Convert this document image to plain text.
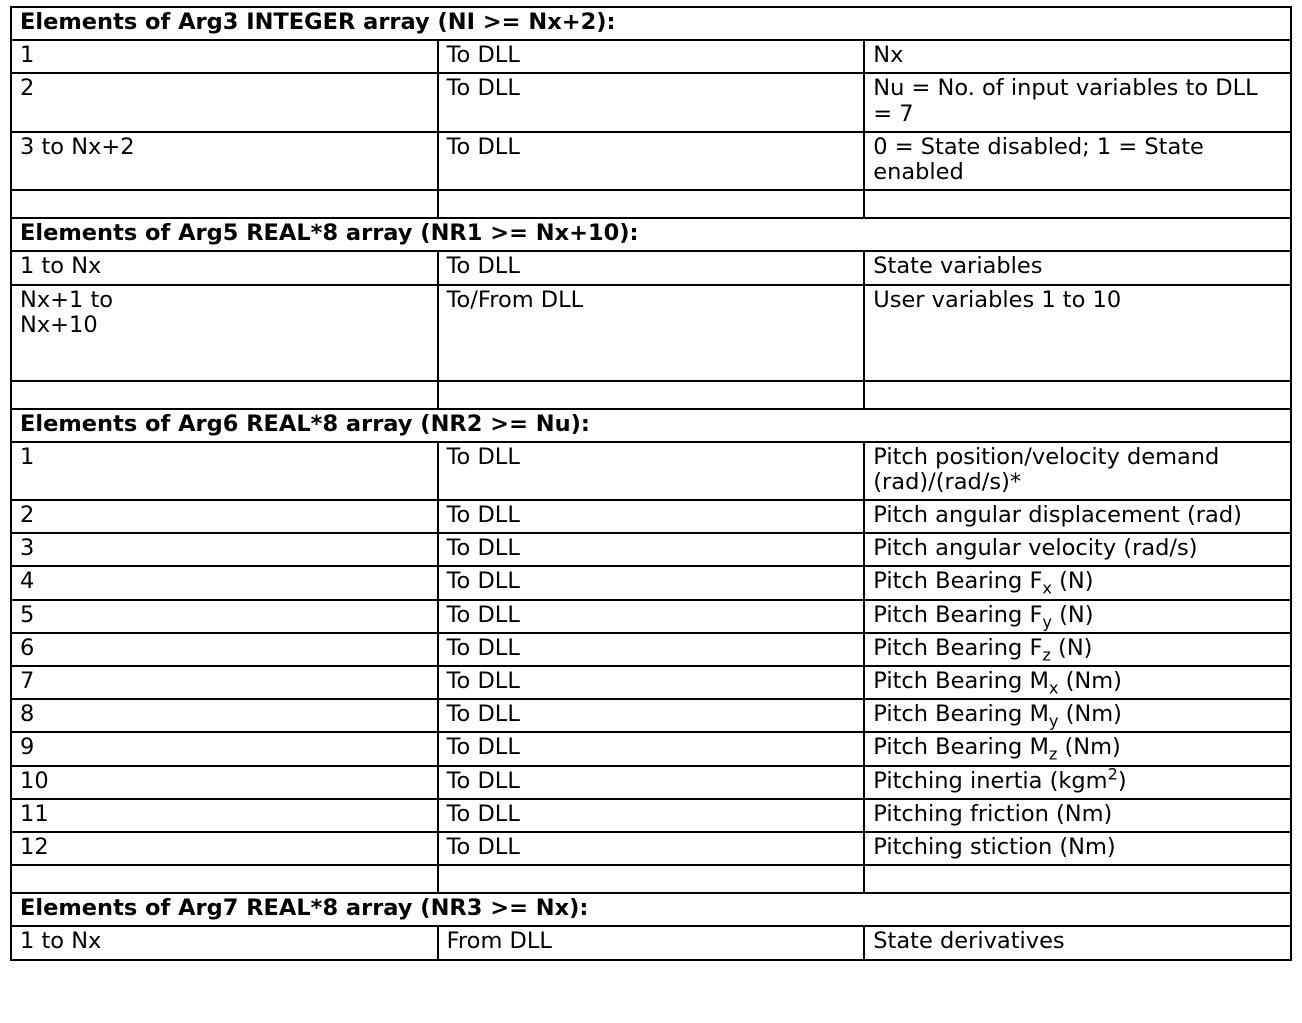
Elements of Arg3 INTEGER array (NI >= Nx+2):		
1	To DLL	Nx
2	To DLL	Nu = No. of input variables to DLL = 7
3 to Nx+2	To DLL	0 = State disabled; 1 = State enabled

Elements of Arg5 REAL*8 array (NR1 >= Nx+10):		
1 to Nx	To DLL	State variables
Nx+1 to
Nx+10	To/From DLL	User variables 1 to 10

Elements of Arg6 REAL*8 array (NR2 >= Nu):		
1	To DLL	Pitch position/velocity demand (rad)/(rad/s)*
2	To DLL	Pitch angular displacement (rad)
3	To DLL	Pitch angular velocity (rad/s)
4	To DLL	Pitch Bearing $F_x$ (N)
5	To DLL	Pitch Bearing $F_y$ (N)
6	To DLL	Pitch Bearing $F_z$ (N)
7	To DLL	Pitch Bearing $M_x$ (Nm)
8	To DLL	Pitch Bearing $M_y$ (Nm)
9	To DLL	Pitch Bearing $M_z$ (Nm)
10	To DLL	Pitching inertia (kgm$^2$)
11	To DLL	Pitching friction (Nm)
12	To DLL	Pitching stiction (Nm)

Elements of Arg7 REAL*8 array (NR3 >= Nx):		
1 to Nx	From DLL	State derivatives
